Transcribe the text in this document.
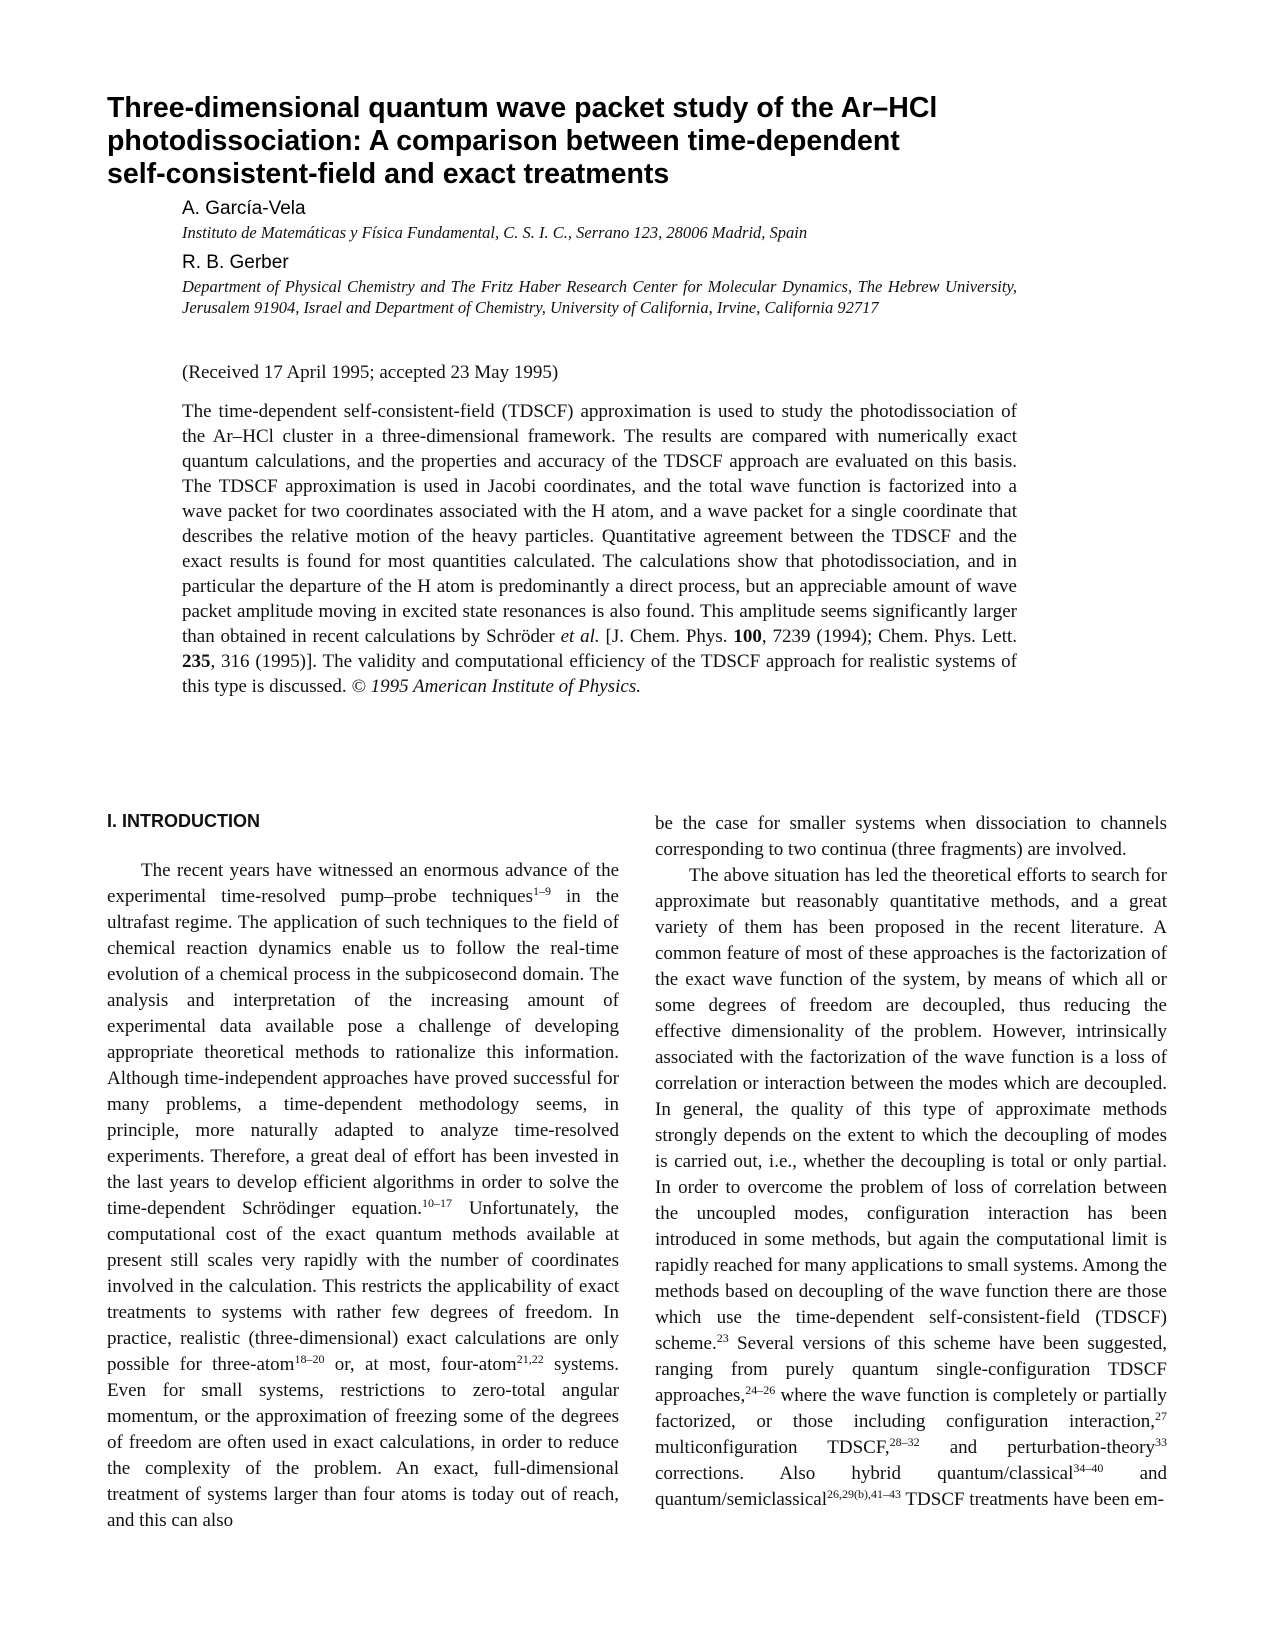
Three-dimensional quantum wave packet study of the Ar–HCl
photodissociation: A comparison between time-dependent
self-consistent-field and exact treatments
A. García-Vela
Instituto de Matemáticas y Física Fundamental, C. S. I. C., Serrano 123, 28006 Madrid, Spain
R. B. Gerber
Department of Physical Chemistry and The Fritz Haber Research Center for Molecular Dynamics, The Hebrew University, Jerusalem 91904, Israel and Department of Chemistry, University of California, Irvine, California 92717
(Received 17 April 1995; accepted 23 May 1995)

The time-dependent self-consistent-field (TDSCF) approximation is used to study the photodissociation of the Ar–HCl cluster in a three-dimensional framework. The results are compared with numerically exact quantum calculations, and the properties and accuracy of the TDSCF approach are evaluated on this basis. The TDSCF approximation is used in Jacobi coordinates, and the total wave function is factorized into a wave packet for two coordinates associated with the H atom, and a wave packet for a single coordinate that describes the relative motion of the heavy particles. Quantitative agreement between the TDSCF and the exact results is found for most quantities calculated. The calculations show that photodissociation, and in particular the departure of the H atom is predominantly a direct process, but an appreciable amount of wave packet amplitude moving in excited state resonances is also found. This amplitude seems significantly larger than obtained in recent calculations by Schröder et al. [J. Chem. Phys. 100, 7239 (1994); Chem. Phys. Lett. 235, 316 (1995)]. The validity and computational efficiency of the TDSCF approach for realistic systems of this type is discussed. © 1995 American Institute of Physics.

I. INTRODUCTION

The recent years have witnessed an enormous advance of the experimental time-resolved pump–probe techniques$^{1-9}$ in the ultrafast regime. The application of such techniques to the field of chemical reaction dynamics enable us to follow the real-time evolution of a chemical process in the subpicosecond domain. The analysis and interpretation of the increasing amount of experimental data available pose a challenge of developing appropriate theoretical methods to rationalize this information. Although time-independent approaches have proved successful for many problems, a time-dependent methodology seems, in principle, more naturally adapted to analyze time-resolved experiments. Therefore, a great deal of effort has been invested in the last years to develop efficient algorithms in order to solve the time-dependent Schrödinger equation.$^{10-17}$ Unfortunately, the computational cost of the exact quantum methods available at present still scales very rapidly with the number of coordinates involved in the calculation. This restricts the applicability of exact treatments to systems with rather few degrees of freedom. In practice, realistic (three-dimensional) exact calculations are only possible for three-atom$^{18-20}$ or, at most, four-atom$^{21,22}$ systems. Even for small systems, restrictions to zero-total angular momentum, or the approximation of freezing some of the degrees of freedom are often used in exact calculations, in order to reduce the complexity of the problem. An exact, full-dimensional treatment of systems larger than four atoms is today out of reach, and this can also

be the case for smaller systems when dissociation to channels corresponding to two continua (three fragments) are involved.

The above situation has led the theoretical efforts to search for approximate but reasonably quantitative methods, and a great variety of them has been proposed in the recent literature. A common feature of most of these approaches is the factorization of the exact wave function of the system, by means of which all or some degrees of freedom are decoupled, thus reducing the effective dimensionality of the problem. However, intrinsically associated with the factorization of the wave function is a loss of correlation or interaction between the modes which are decoupled. In general, the quality of this type of approximate methods strongly depends on the extent to which the decoupling of modes is carried out, i.e., whether the decoupling is total or only partial. In order to overcome the problem of loss of correlation between the uncoupled modes, configuration interaction has been introduced in some methods, but again the computational limit is rapidly reached for many applications to small systems. Among the methods based on decoupling of the wave function there are those which use the time-dependent self-consistent-field (TDSCF) scheme.$^{23}$ Several versions of this scheme have been suggested, ranging from purely quantum single-configuration TDSCF approaches,$^{24-26}$ where the wave function is completely or partially factorized, or those including configuration interaction,$^{27}$ multiconfiguration TDSCF,$^{28-32}$ and perturbation-theory$^{33}$ corrections. Also hybrid quantum/classical$^{34-40}$ and quantum/semiclassical$^{26,29(b),41-43}$ TDSCF treatments have been em-
